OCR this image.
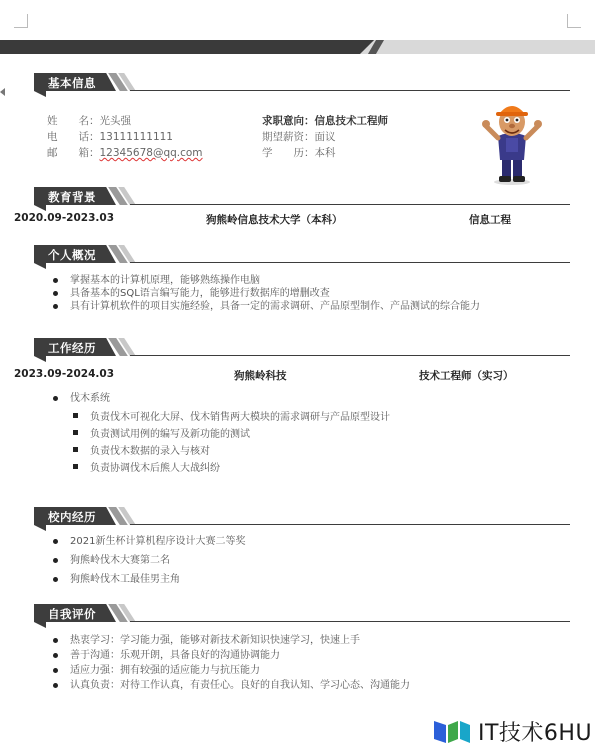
基本信息
姓　　名：光头强
电　　话：13111111111
邮　　箱：12345678@qq.com
求职意向：信息技术工程师
期望薪资：面议
学　　历：本科
教育背景
2020.09-2023.03	狗熊岭信息技术大学（本科）	信息工程
个人概况
掌握基本的计算机原理，能够熟练操作电脑
具备基本的SQL语言编写能力，能够进行数据库的增删改查
具有计算机软件的项目实施经验，具备一定的需求调研、产品原型制作、产品测试的综合能力
工作经历
2023.09-2024.03	狗熊岭科技	技术工程师（实习）
伐木系统
负责伐木可视化大屏、伐木销售两大模块的需求调研与产品原型设计
负责测试用例的编写及新功能的测试
负责伐木数据的录入与核对
负责协调伐木后熊人大战纠纷
校内经历
2021新生杯计算机程序设计大赛二等奖
狗熊岭伐木大赛第二名
狗熊岭伐木工最佳男主角
自我评价
热衷学习：学习能力强，能够对新技术新知识快速学习，快速上手
善于沟通：乐观开朗，具备良好的沟通协调能力
适应力强：拥有较强的适应能力与抗压能力
认真负责：对待工作认真，有责任心。良好的自我认知、学习心态、沟通能力
IT技术6HU
